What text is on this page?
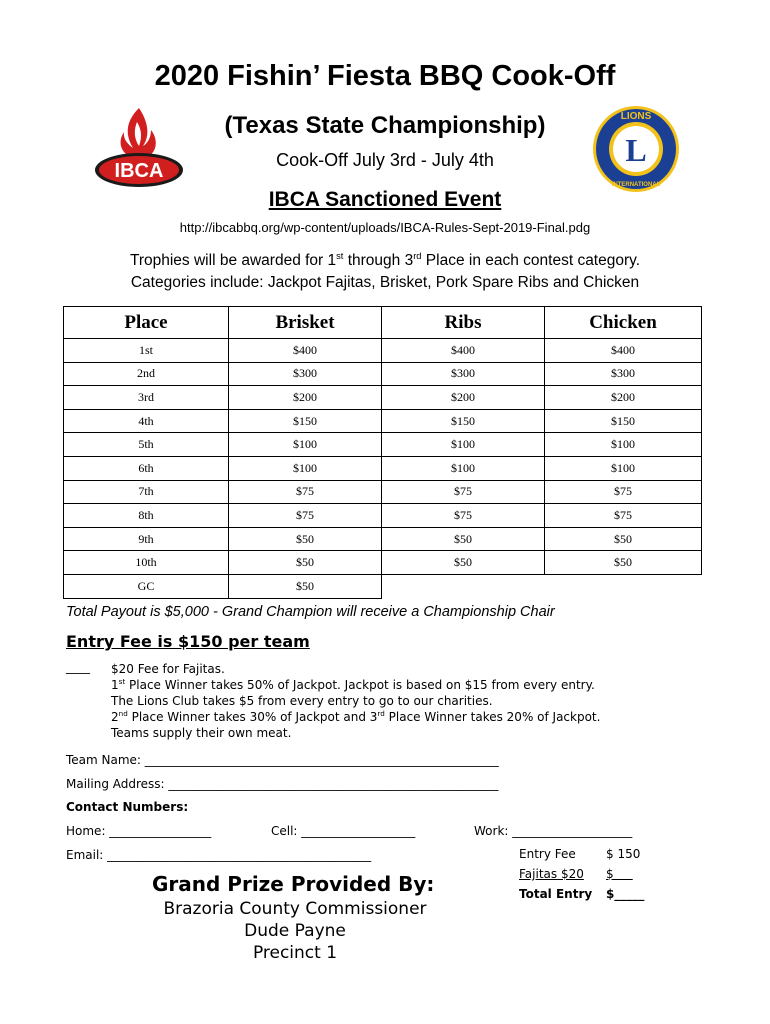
IBCA
L
LIONS
INTERNATIONAL
2020 Fishin’ Fiesta BBQ Cook-Off
(Texas State Championship)
Cook-Off July 3rd - July 4th
IBCA Sanctioned Event
http://ibcabbq.org/wp-content/uploads/IBCA-Rules-Sept-2019-Final.pdg
Trophies will be awarded for 1st through 3rd Place in each contest category.
Categories include: Jackpot Fajitas, Brisket, Pork Spare Ribs and Chicken
Place	Brisket	Ribs	Chicken
1st	$400	$400	$400
2nd	$300	$300	$300
3rd	$200	$200	$200
4th	$150	$150	$150
5th	$100	$100	$100
6th	$100	$100	$100
7th	$75	$75	$75
8th	$75	$75	$75
9th	$50	$50	$50
10th	$50	$50	$50
GC	$50		
Total Payout is $5,000 - Grand Champion will receive a Championship Chair
Entry Fee is $150 per team
____ $20 Fee for Fajitas.
1st Place Winner takes 50% of Jackpot. Jackpot is based on $15 from every entry.
The Lions Club takes $5 from every entry to go to our charities.
2nd Place Winner takes 30% of Jackpot and 3rd Place Winner takes 20% of Jackpot.
Teams supply their own meat.
Team Name: ___________________________________________________________
Mailing Address: _______________________________________________________
Contact Numbers:
Home: _________________	Cell: ___________________	Work: ____________________
Email: ____________________________________________	Entry Fee	$ 150
Fajitas $20	$
Total Entry	$_____
Grand Prize Provided By:
Brazoria County Commissioner
Dude Payne
Precinct 1
